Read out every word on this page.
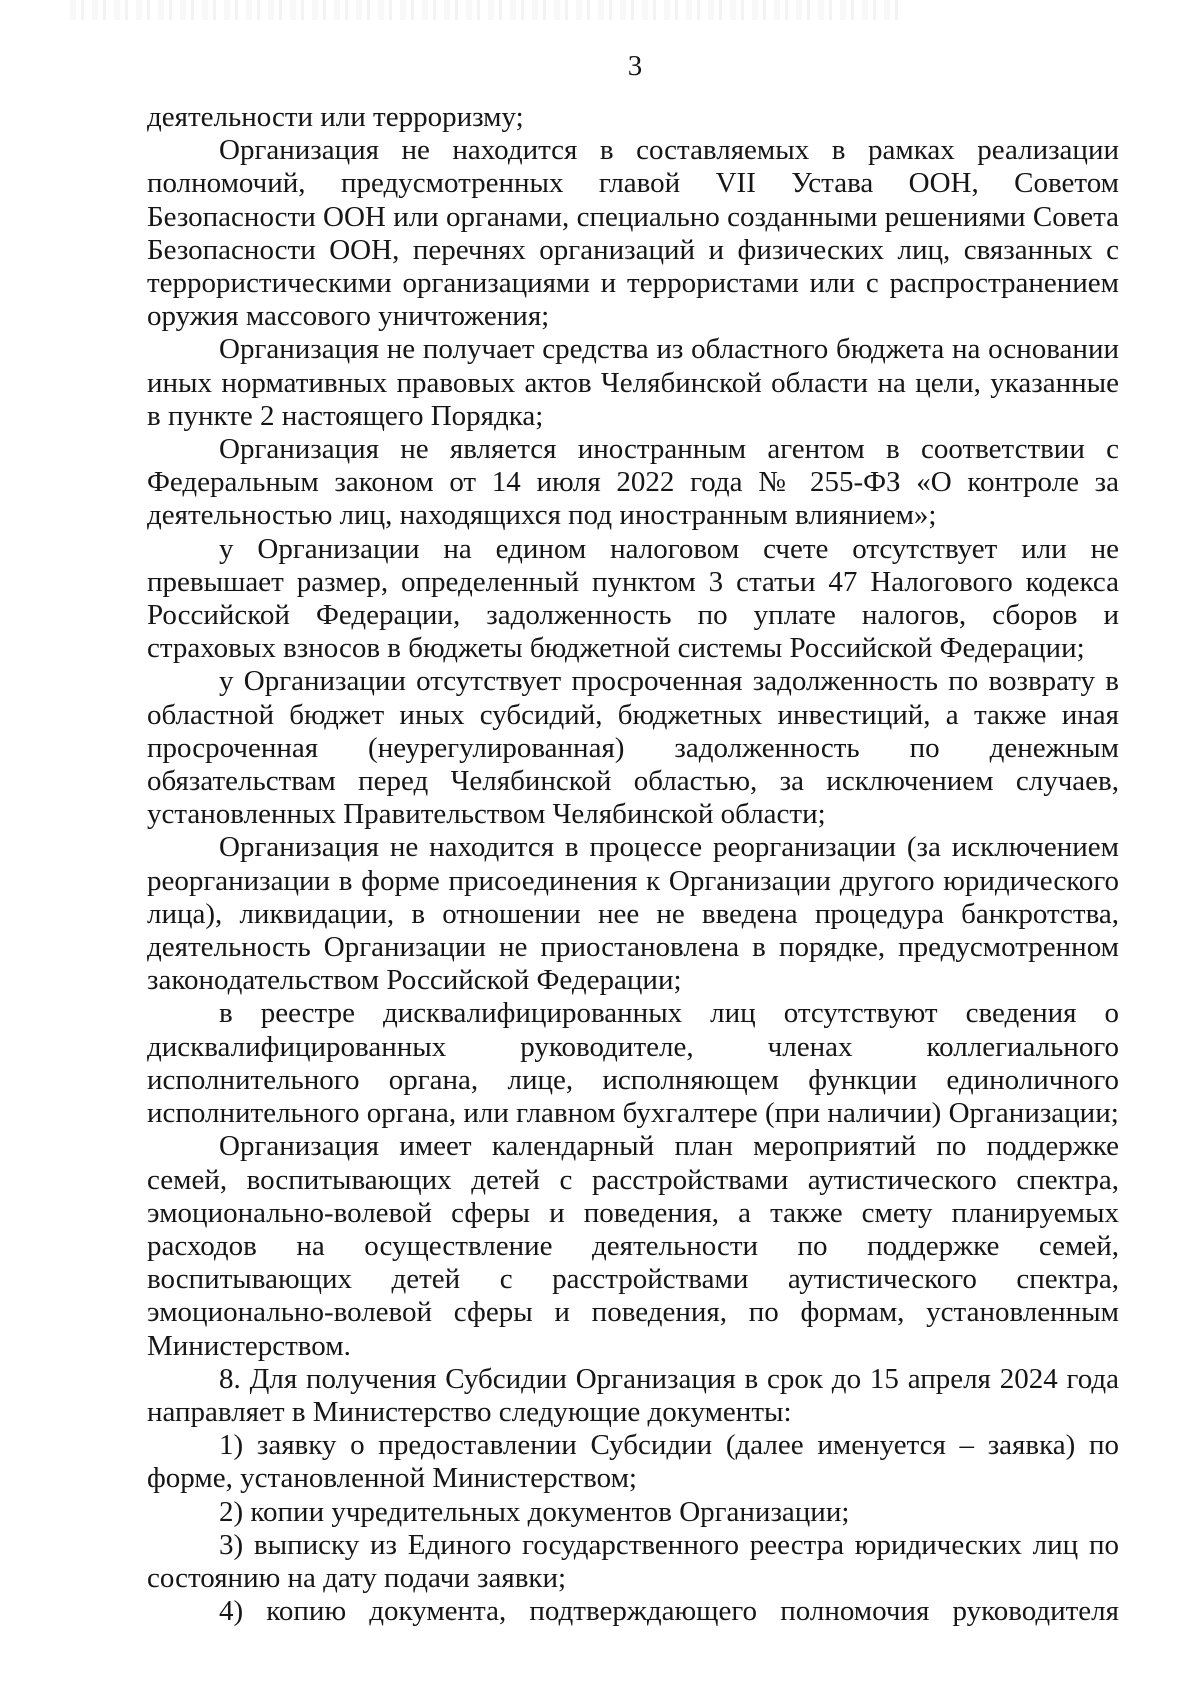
3

деятельности или терроризму;

Организация не находится в составляемых в рамках реализации полномочий, предусмотренных главой VII Устава ООН, Советом Безопасности ООН или органами, специально созданными решениями Совета Безопасности ООН, перечнях организаций и физических лиц, связанных с террористическими организациями и террористами или с распространением оружия массового уничтожения;

Организация не получает средства из областного бюджета на основании иных нормативных правовых актов Челябинской области на цели, указанные в пункте 2 настоящего Порядка;

Организация не является иностранным агентом в соответствии с Федеральным законом от 14 июля 2022 года № 255-ФЗ «О контроле за деятельностью лиц, находящихся под иностранным влиянием»;

у Организации на едином налоговом счете отсутствует или не превышает размер, определенный пунктом 3 статьи 47 Налогового кодекса Российской Федерации, задолженность по уплате налогов, сборов и страховых взносов в бюджеты бюджетной системы Российской Федерации;

у Организации отсутствует просроченная задолженность по возврату в областной бюджет иных субсидий, бюджетных инвестиций, а также иная просроченная (неурегулированная) задолженность по денежным обязательствам перед Челябинской областью, за исключением случаев, установленных Правительством Челябинской области;

Организация не находится в процессе реорганизации (за исключением реорганизации в форме присоединения к Организации другого юридического лица), ликвидации, в отношении нее не введена процедура банкротства, деятельность Организации не приостановлена в порядке, предусмотренном законодательством Российской Федерации;

в реестре дисквалифицированных лиц отсутствуют сведения о дисквалифицированных руководителе, членах коллегиального исполнительного органа, лице, исполняющем функции единоличного исполнительного органа, или главном бухгалтере (при наличии) Организации;

Организация имеет календарный план мероприятий по поддержке семей, воспитывающих детей с расстройствами аутистического спектра, эмоционально-волевой сферы и поведения, а также смету планируемых расходов на осуществление деятельности по поддержке семей, воспитывающих детей с расстройствами аутистического спектра, эмоционально-волевой сферы и поведения, по формам, установленным Министерством.

8. Для получения Субсидии Организация в срок до 15 апреля 2024 года направляет в Министерство следующие документы:

1) заявку о предоставлении Субсидии (далее именуется – заявка) по форме, установленной Министерством;

2) копии учредительных документов Организации;

3) выписку из Единого государственного реестра юридических лиц по состоянию на дату подачи заявки;

4) копию документа, подтверждающего полномочия руководителя
